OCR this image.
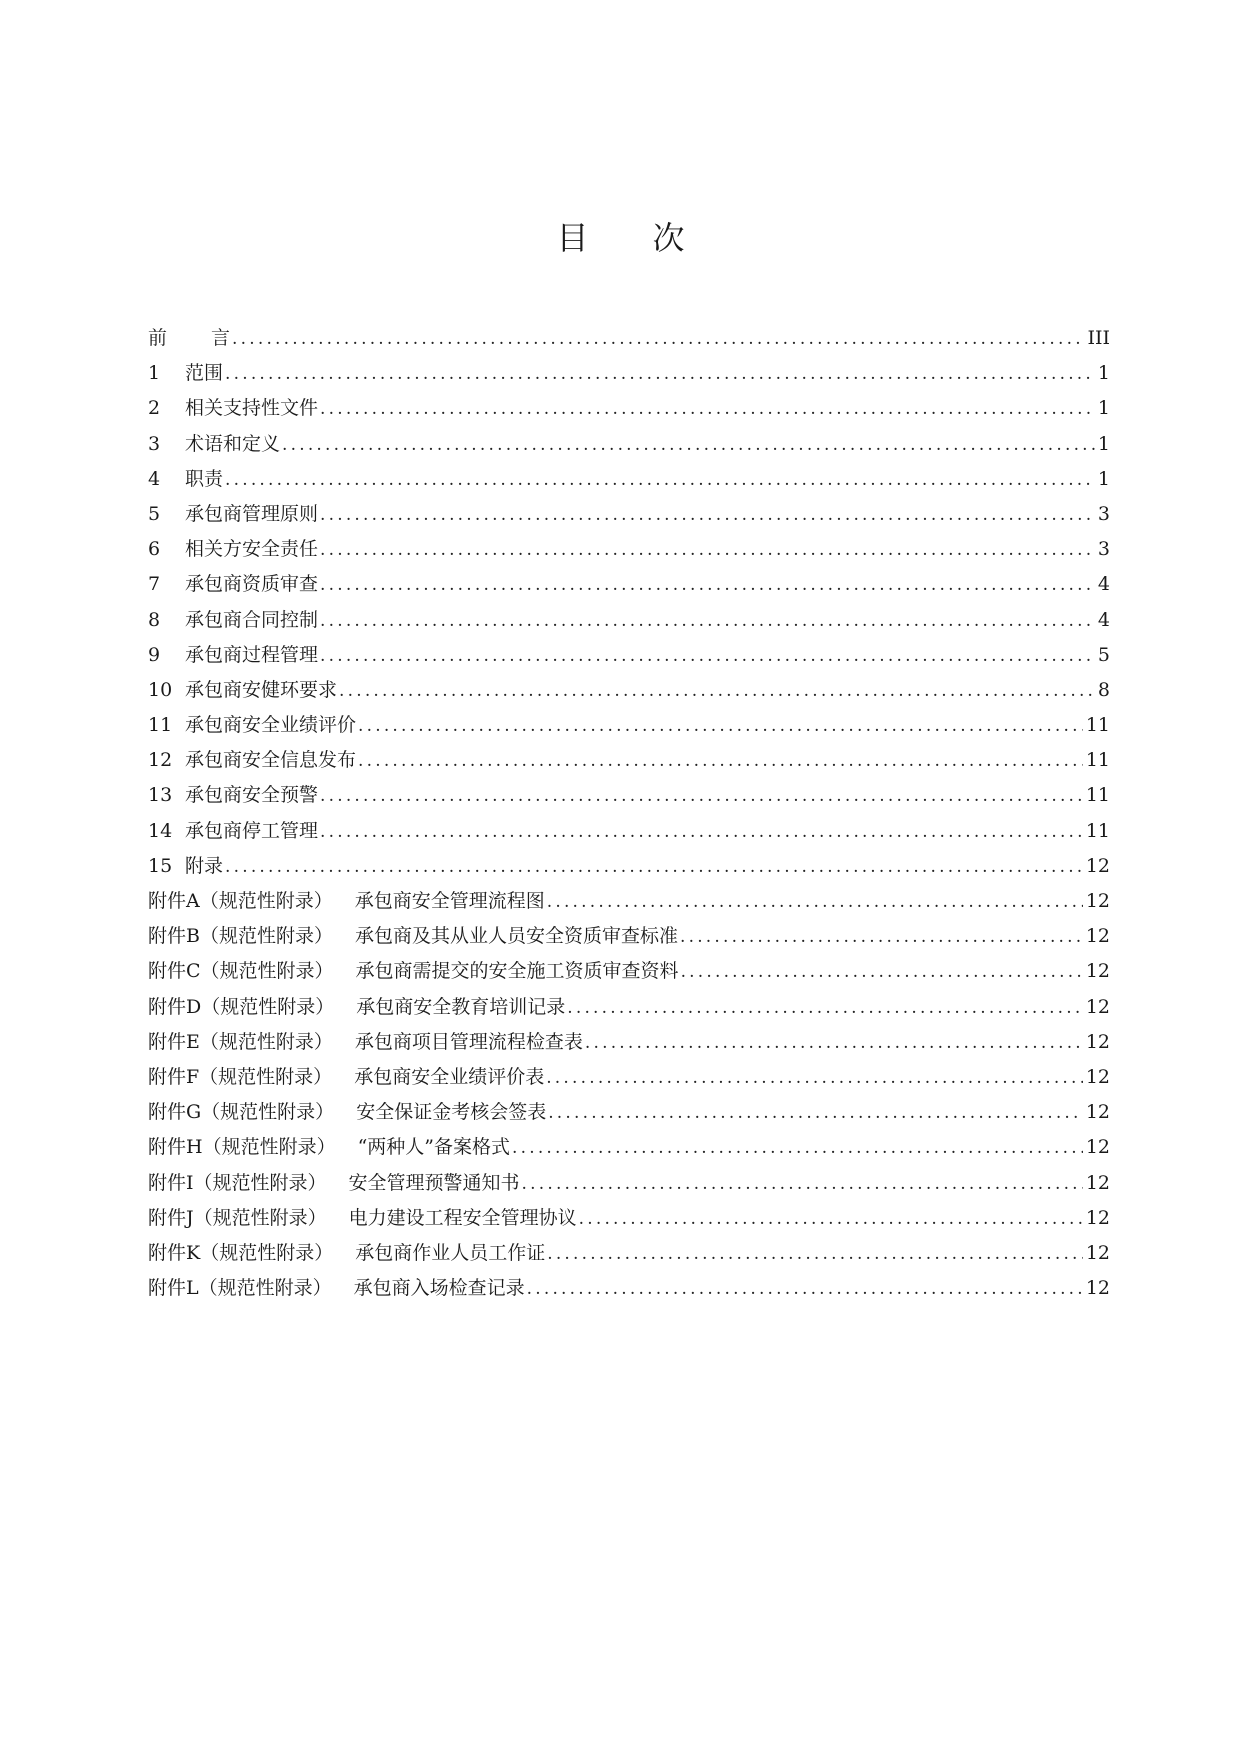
目 次
前 言 .....	III
1	范围 .....	1
2	相关支持性文件 .....	1
3	术语和定义 .....	1
4	职责 .....	1
5	承包商管理原则 .....	3
6	相关方安全责任 .....	3
7	承包商资质审查 .....	4
8	承包商合同控制 .....	4
9	承包商过程管理 .....	5
10 承包商安健环要求 .....	8
11 承包商安全业绩评价 .....	11
12 承包商安全信息发布 .....	11
13 承包商安全预警 .....	11
14 承包商停工管理 .....	11
15 附录 .....	12
附件A（规范性附录）	承包商安全管理流程图 .....	12
附件B（规范性附录）	承包商及其从业人员安全资质审查标准 .....	12
附件C（规范性附录）	承包商需提交的安全施工资质审查资料 .....	12
附件D（规范性附录）	承包商安全教育培训记录 .....	12
附件E（规范性附录）	承包商项目管理流程检查表 .....	12
附件F（规范性附录）	承包商安全业绩评价表 .....	12
附件G（规范性附录）	安全保证金考核会签表 .....	12
附件H（规范性附录）	“两种人”备案格式 .....	12
附件I（规范性附录）	安全管理预警通知书 .....	12
附件J（规范性附录）	电力建设工程安全管理协议 .....	12
附件K（规范性附录）	承包商作业人员工作证 .....	12
附件L（规范性附录）	承包商入场检查记录 .....	12
